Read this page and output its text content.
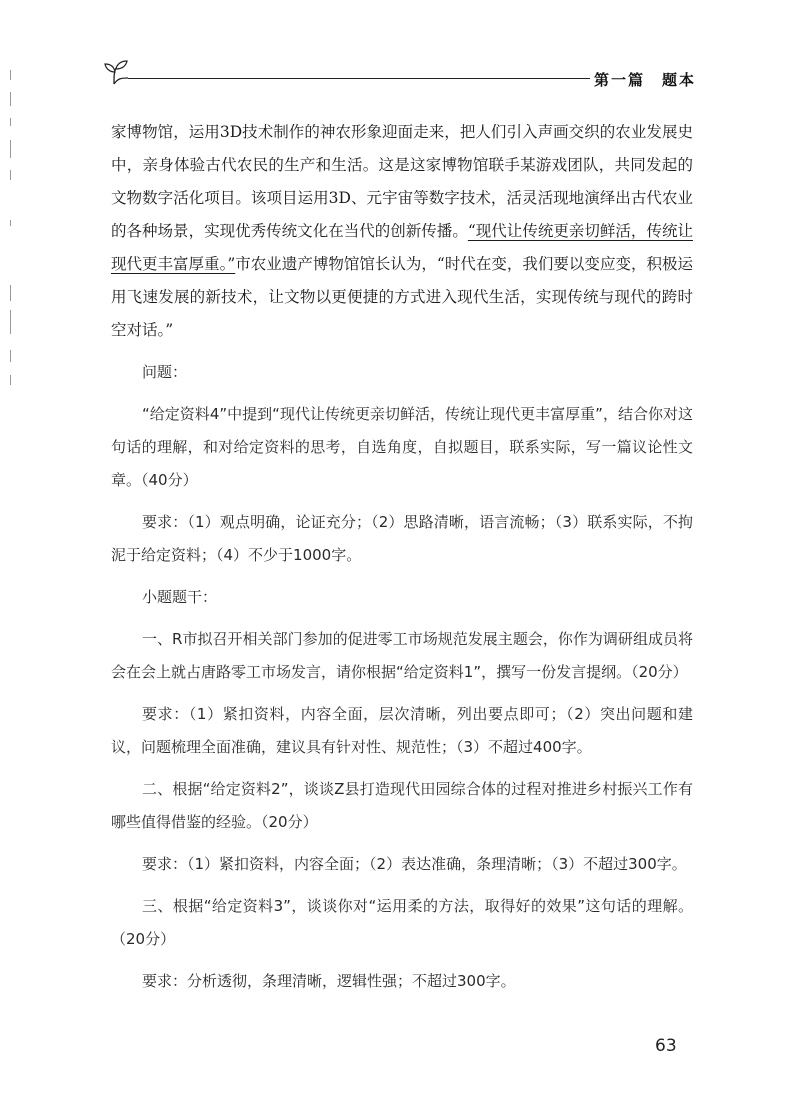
第一篇　题本

家博物馆，运用3D技术制作的神农形象迎面走来，把人们引入声画交织的农业发展史中，亲身体验古代农民的生产和生活。这是这家博物馆联手某游戏团队，共同发起的文物数字活化项目。该项目运用3D、元宇宙等数字技术，活灵活现地演绎出古代农业的各种场景，实现优秀传统文化在当代的创新传播。“现代让传统更亲切鲜活，传统让现代更丰富厚重。”市农业遗产博物馆馆长认为，“时代在变，我们要以变应变，积极运用飞速发展的新技术，让文物以更便捷的方式进入现代生活，实现传统与现代的跨时空对话。”

问题：

“给定资料4”中提到“现代让传统更亲切鲜活，传统让现代更丰富厚重”，结合你对这句话的理解，和对给定资料的思考，自选角度，自拟题目，联系实际，写一篇议论性文章。（40分）

要求：（1）观点明确，论证充分；（2）思路清晰，语言流畅；（3）联系实际，不拘泥于给定资料；（4）不少于1000字。

小题题干：

一、R市拟召开相关部门参加的促进零工市场规范发展主题会，你作为调研组成员将会在会上就占唐路零工市场发言，请你根据“给定资料1”，撰写一份发言提纲。（20分）

要求：（1）紧扣资料，内容全面，层次清晰，列出要点即可；（2）突出问题和建议，问题梳理全面准确，建议具有针对性、规范性；（3）不超过400字。

二、根据“给定资料2”，谈谈Z县打造现代田园综合体的过程对推进乡村振兴工作有哪些值得借鉴的经验。（20分）

要求：（1）紧扣资料，内容全面；（2）表达准确，条理清晰；（3）不超过300字。

三、根据“给定资料3”，谈谈你对“运用柔的方法，取得好的效果”这句话的理解。（20分）

要求：分析透彻，条理清晰，逻辑性强；不超过300字。

63
